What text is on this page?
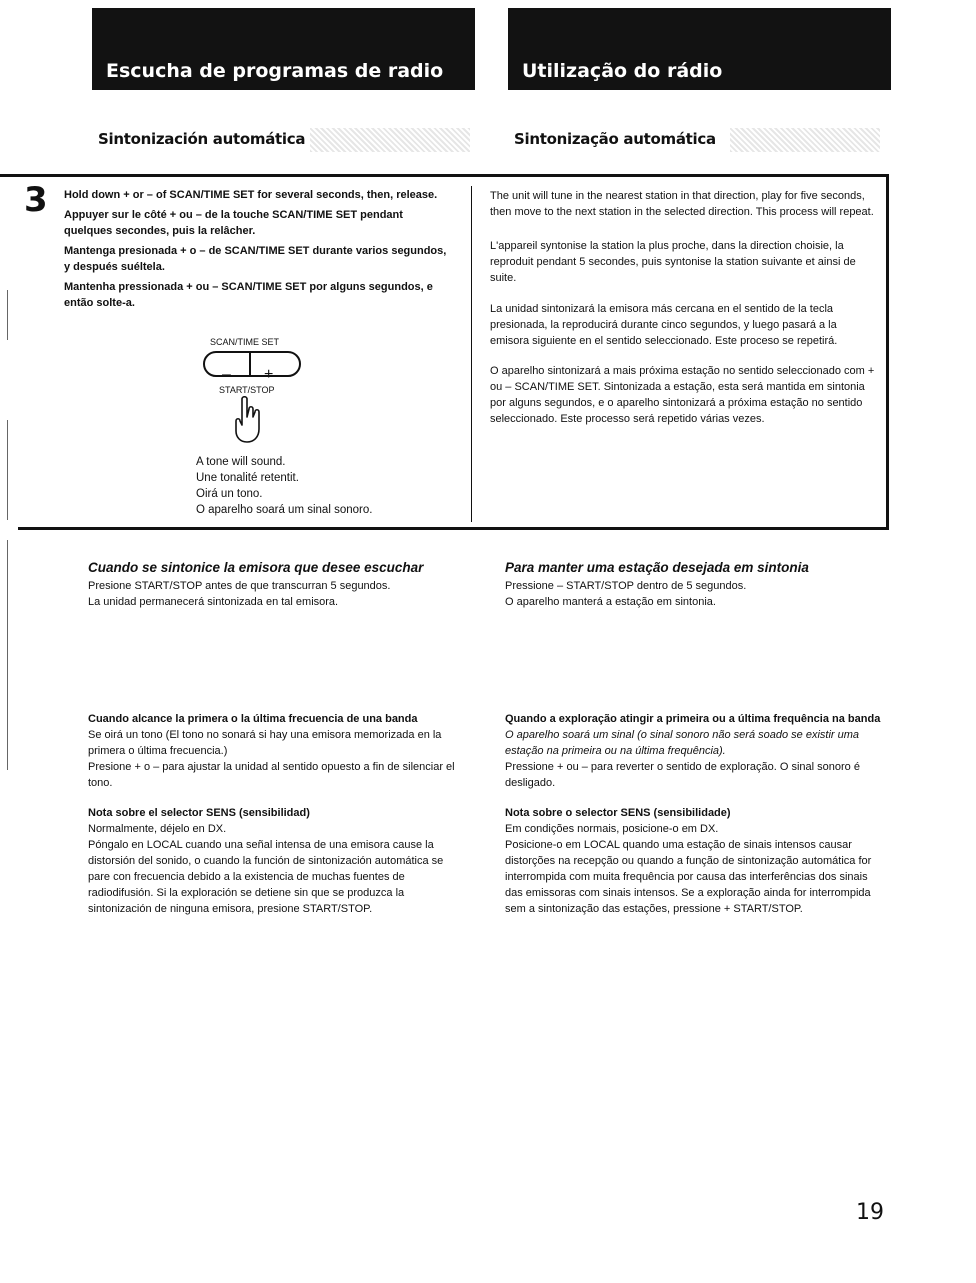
Escucha de programas de radio	Utilização do rádio
Sintonización automática	Sintonização automática
3 Hold down + or – of SCAN/TIME SET for several seconds, then, release.

Appuyer sur le côté + ou – de la touche SCAN/TIME SET pendant quelques secondes, puis la relâcher.

Mantenga presionada + o – de SCAN/TIME SET durante varios segundos, y después suéltela.

Mantenha pressionada + ou – SCAN/TIME SET por alguns segundos, e então solte-a.

SCAN/TIME SET
– +
START/STOP

A tone will sound.

Une tonalité retentit.

Oirá un tono.

O aparelho soará um sinal sonoro.

The unit will tune in the nearest station in that direction, play for five seconds, then move to the next station in the selected direction. This process will repeat.

L'appareil syntonise la station la plus proche, dans la direction choisie, la reproduit pendant 5 secondes, puis syntonise la station suivante et ainsi de suite.

La unidad sintonizará la emisora más cercana en el sentido de la tecla presionada, la reproducirá durante cinco segundos, y luego pasará a la emisora siguiente en el sentido seleccionado. Este proceso se repetirá.

O aparelho sintonizará a mais próxima estação no sentido seleccionado com + ou – SCAN/TIME SET. Sintonizada a estação, esta será mantida em sintonia por alguns segundos, e o aparelho sintonizará a próxima estação no sentido seleccionado. Este processo será repetido várias vezes.

Cuando se sintonice la emisora que desee escuchar

Presione START/STOP antes de que transcurran 5 segundos.

La unidad permanecerá sintonizada en tal emisora.

Cuando alcance la primera o la última frecuencia de una banda

Se oirá un tono (El tono no sonará si hay una emisora memorizada en la primera o última frecuencia.)

Presione + o – para ajustar la unidad al sentido opuesto a fin de silenciar el tono.

Nota sobre el selector SENS (sensibilidad)

Normalmente, déjelo en DX.

Póngalo en LOCAL cuando una señal intensa de una emisora cause la distorsión del sonido, o cuando la función de sintonización automática se pare con frecuencia debido a la existencia de muchas fuentes de radiodifusión. Si la exploración se detiene sin que se produzca la sintonización de ninguna emisora, presione START/STOP.

Para manter uma estação desejada em sintonia

Pressione – START/STOP dentro de 5 segundos.

O aparelho manterá a estação em sintonia.

Quando a exploração atingir a primeira ou a última frequência na banda

O aparelho soará um sinal (o sinal sonoro não será soado se existir uma estação na primeira ou na última frequência).

Pressione + ou – para reverter o sentido de exploração. O sinal sonoro é desligado.

Nota sobre o selector SENS (sensibilidade)

Em condições normais, posicione-o em DX.

Posicione-o em LOCAL quando uma estação de sinais intensos causar distorções na recepção ou quando a função de sintonização automática for interrompida com muita frequência por causa das interferências dos sinais das emissoras com sinais intensos. Se a exploração ainda for interrompida sem a sintonização das estações, pressione + START/STOP.

19
